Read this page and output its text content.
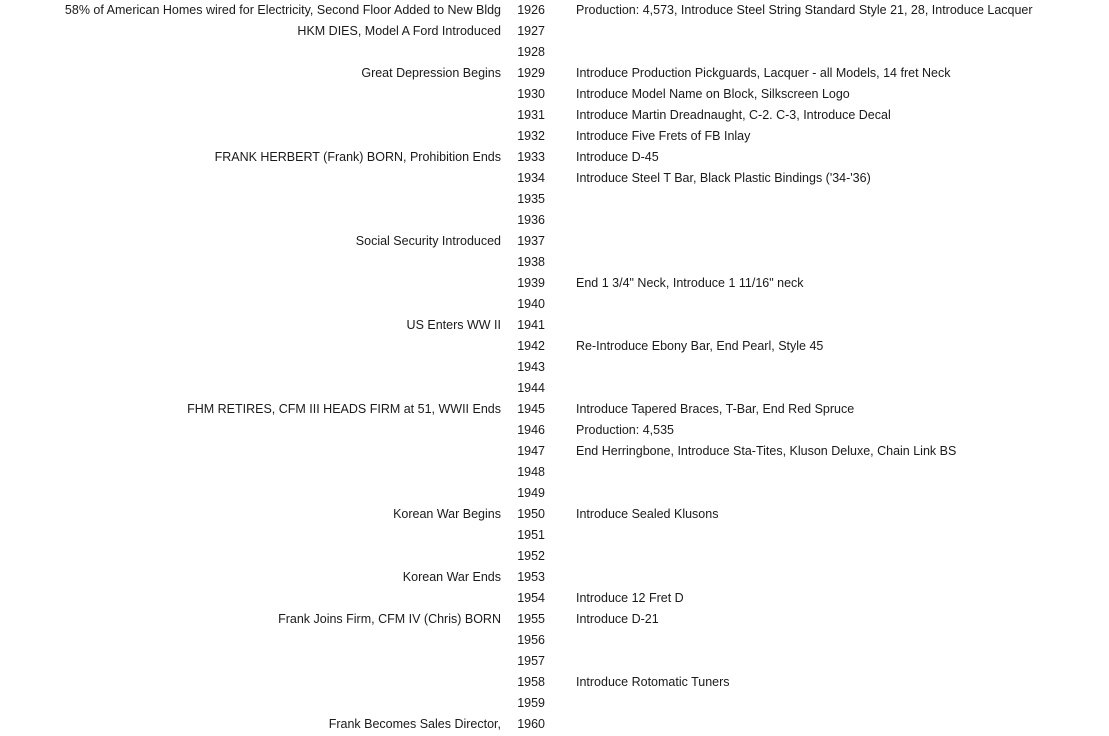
58% of American Homes wired for Electricity, Second Floor Added to New Bldg	1926 Production: 4,573, Introduce Steel String Standard Style 21, 28, Introduce Lacquer
HKM DIES, Model A Ford Introduced	1927
1928
Great Depression Begins	1929 Introduce Production Pickguards, Lacquer - all Models, 14 fret Neck
1930 Introduce Model Name on Block, Silkscreen Logo
1931 Introduce Martin Dreadnaught, C-2. C-3, Introduce Decal
1932 Introduce Five Frets of FB Inlay
FRANK HERBERT (Frank) BORN, Prohibition Ends	1933 Introduce D-45
1934 Introduce Steel T Bar, Black Plastic Bindings ('34-'36)
1935
1936
Social Security Introduced	1937
1938
1939 End 1 3/4" Neck, Introduce 1 11/16" neck
1940
US Enters WW II	1941
1942 Re-Introduce Ebony Bar, End Pearl, Style 45
1943
1944
FHM RETIRES, CFM III HEADS FIRM at 51, WWII Ends	1945 Introduce Tapered Braces, T-Bar, End Red Spruce
1946 Production: 4,535
1947 End Herringbone, Introduce Sta-Tites, Kluson Deluxe, Chain Link BS
1948
1949
Korean War Begins	1950 Introduce Sealed Klusons
1951
1952
Korean War Ends	1953
1954 Introduce 12 Fret D
Frank Joins Firm, CFM IV (Chris) BORN	1955 Introduce D-21
1956
1957
1958 Introduce Rotomatic Tuners
1959
Frank Becomes Sales Director,	1960
